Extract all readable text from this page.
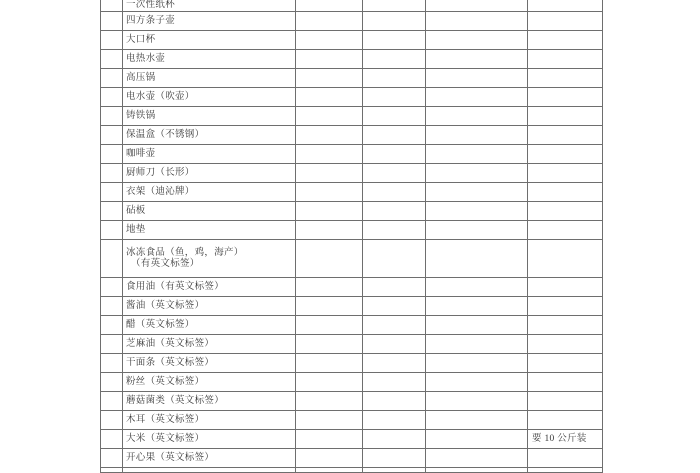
	一次性纸杯				

	四方条子壶				

	大口杯				

	电热水壶				

	高压锅				

	电水壶（吹壶）				

	铸铁锅				

	保温盒（不锈钢）				

	咖啡壶				

	厨师刀（长形）				

	衣架（迪沁牌）				

	砧板				

	地垫				

	冰冻食品（鱼，鸡，海产）
（有英文标签）				

	食用油（有英文标签）				

	酱油（英文标签）				

	醋（英文标签）				

	芝麻油（英文标签）				

	干面条（英文标签）				

	粉丝（英文标签）				

	蘑菇菌类（英文标签）				

	木耳（英文标签）				

	大米（英文标签）				要 10 公斤装

	开心果（英文标签）				
